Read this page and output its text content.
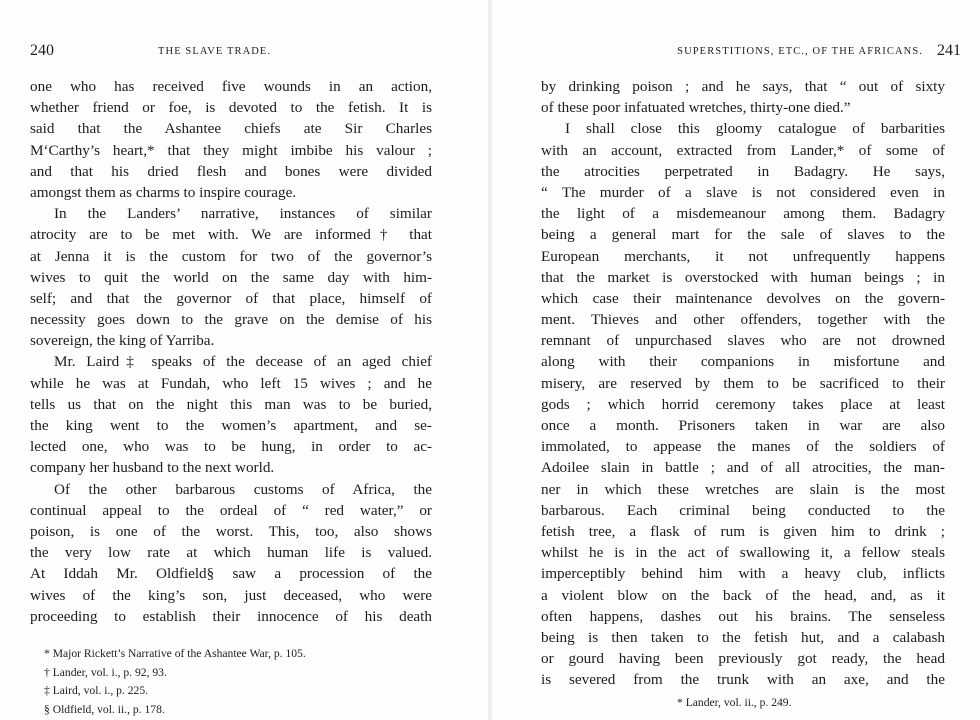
240	THE SLAVE TRADE.
one who has received five wounds in an action,
whether friend or foe, is devoted to the fetish. It is
said that the Ashantee chiefs ate Sir Charles
M‘Carthy’s heart,* that they might imbibe his valour ;
and that his dried flesh and bones were divided
amongst them as charms to inspire courage.
In the Landers’ narrative, instances of similar
atrocity are to be met with. We are informed† that
at Jenna it is the custom for two of the governor’s
wives to quit the world on the same day with him-
self; and that the governor of that place, himself of
necessity goes down to the grave on the demise of his
sovereign, the king of Yarriba.
Mr. Laird‡ speaks of the decease of an aged chief
while he was at Fundah, who left 15 wives ; and he
tells us that on the night this man was to be buried,
the king went to the women’s apartment, and se-
lected one, who was to be hung, in order to ac-
company her husband to the next world.
Of the other barbarous customs of Africa, the
continual appeal to the ordeal of “ red water,” or
poison, is one of the worst. This, too, also shows
the very low rate at which human life is valued.
At Iddah Mr. Oldfield§ saw a procession of the
wives of the king’s son, just deceased, who were
proceeding to establish their innocence of his death
* Major Rickett’s Narrative of the Ashantee War, p. 105.
† Lander, vol. i., p. 92, 93.
‡ Laird, vol. i., p. 225.
§ Oldfield, vol. ii., p. 178.
SUPERSTITIONS, ETC., OF THE AFRICANS. 241
by drinking poison ; and he says, that “ out of sixty
of these poor infatuated wretches, thirty-one died.”
I shall close this gloomy catalogue of barbarities
with an account, extracted from Lander,* of some of
the atrocities perpetrated in Badagry. He says,
“ The murder of a slave is not considered even in
the light of a misdemeanour among them. Badagry
being a general mart for the sale of slaves to the
European merchants, it not unfrequently happens
that the market is overstocked with human beings ; in
which case their maintenance devolves on the govern-
ment. Thieves and other offenders, together with the
remnant of unpurchased slaves who are not drowned
along with their companions in misfortune and
misery, are reserved by them to be sacrificed to their
gods ; which horrid ceremony takes place at least
once a month. Prisoners taken in war are also
immolated, to appease the manes of the soldiers of
Adoilee slain in battle ; and of all atrocities, the man-
ner in which these wretches are slain is the most
barbarous. Each criminal being conducted to the
fetish tree, a flask of rum is given him to drink ;
whilst he is in the act of swallowing it, a fellow steals
imperceptibly behind him with a heavy club, inflicts
a violent blow on the back of the head, and, as it
often happens, dashes out his brains. The senseless
being is then taken to the fetish hut, and a calabash
or gourd having been previously got ready, the head
is severed from the trunk with an axe, and the
* Lander, vol. ii., p. 249.
